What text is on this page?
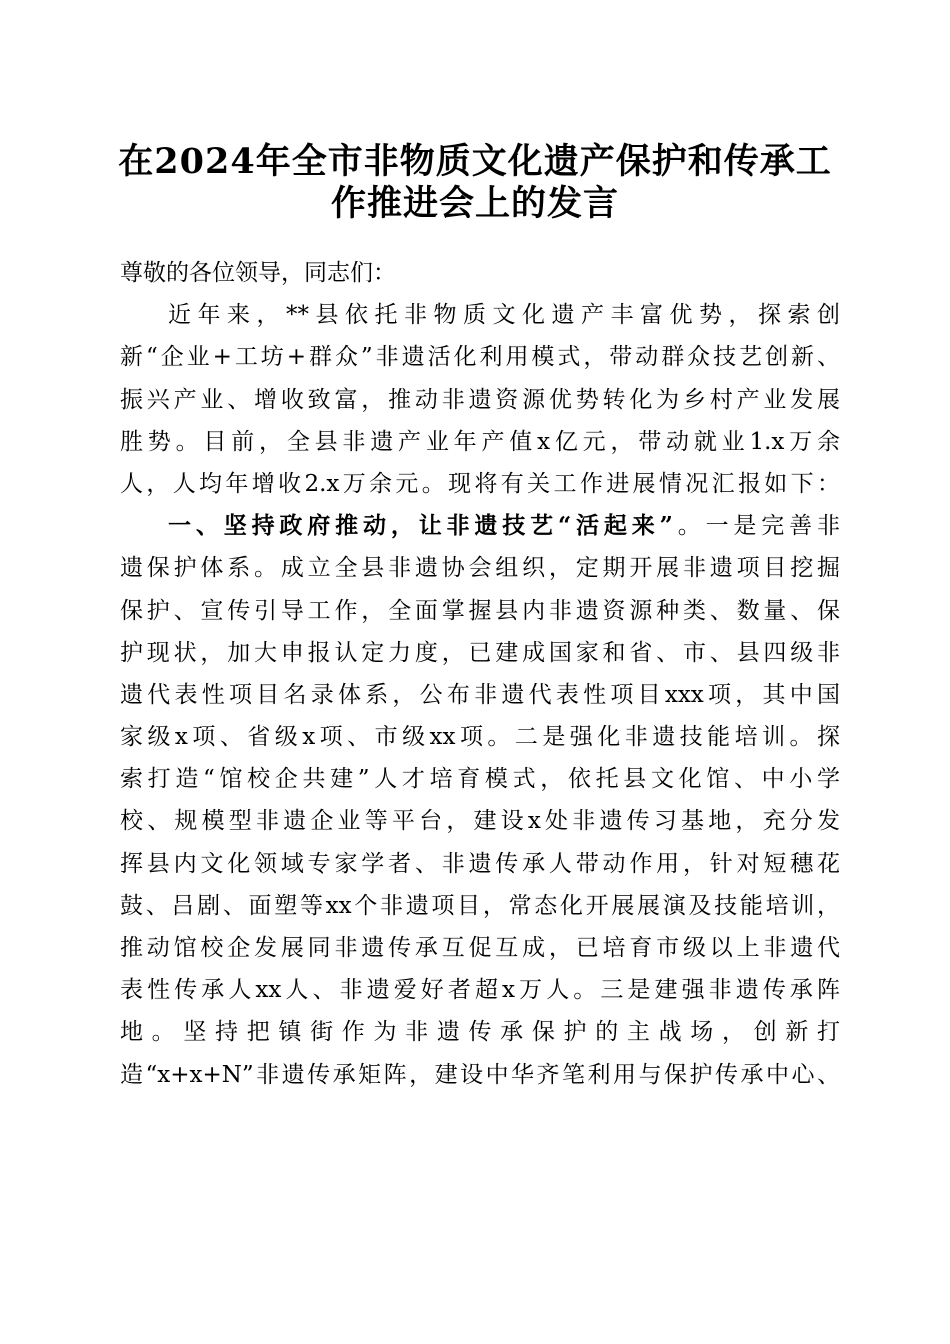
在2024年全市非物质文化遗产保护和传承工
作推进会上的发言
尊敬的各位领导，同志们：
近年来，**县依托非物质文化遗产丰富优势，探索创
新“企业+工坊+群众”非遗活化利用模式，带动群众技艺创新、
振兴产业、增收致富，推动非遗资源优势转化为乡村产业发展
胜势。目前，全县非遗产业年产值x亿元，带动就业1.x万余
人，人均年增收2.x万余元。现将有关工作进展情况汇报如下：
一、坚持政府推动，让非遗技艺“活起来”。一是完善非
遗保护体系。成立全县非遗协会组织，定期开展非遗项目挖掘
保护、宣传引导工作，全面掌握县内非遗资源种类、数量、保
护现状，加大申报认定力度，已建成国家和省、市、县四级非
遗代表性项目名录体系，公布非遗代表性项目xxx项，其中国
家级x项、省级x项、市级xx项。二是强化非遗技能培训。探
索打造“馆校企共建”人才培育模式，依托县文化馆、中小学
校、规模型非遗企业等平台，建设x处非遗传习基地，充分发
挥县内文化领域专家学者、非遗传承人带动作用，针对短穗花
鼓、吕剧、面塑等xx个非遗项目，常态化开展展演及技能培训，
推动馆校企发展同非遗传承互促互成，已培育市级以上非遗代
表性传承人xx人、非遗爱好者超x万人。三是建强非遗传承阵
地。坚持把镇街作为非遗传承保护的主战场，创新打
造“x+x+N”非遗传承矩阵，建设中华齐笔利用与保护传承中心、
